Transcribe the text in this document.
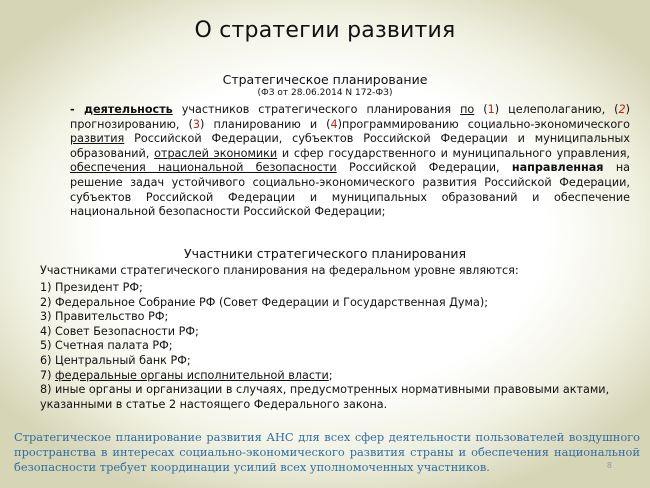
О стратегии развития
Стратегическое планирование
(ФЗ от 28.06.2014 N 172-ФЗ)
- деятельность участников стратегического планирования по (1) целеполаганию, (2) прогнозированию, (3) планированию и (4)программированию социально-экономического развития Российской Федерации, субъектов Российской Федерации и муниципальных образований, отраслей экономики и сфер государственного и муниципального управления, обеспечения национальной безопасности Российской Федерации, направленная на решение задач устойчивого социально-экономического развития Российской Федерации, субъектов Российской Федерации и муниципальных образований и обеспечение национальной безопасности Российской Федерации;
Участники стратегического планирования
Участниками стратегического планирования на федеральном уровне являются:
1) Президент РФ;
2) Федеральное Собрание РФ (Совет Федерации и Государственная Дума);
3) Правительство РФ;
4) Совет Безопасности РФ;
5) Счетная палата РФ;
6) Центральный банк РФ;
7) федеральные органы исполнительной власти;
8) иные органы и организации в случаях, предусмотренных нормативными правовыми актами, указанными в статье 2 настоящего Федерального закона.
Стратегическое планирование развития АНС для всех сфер деятельности пользователей воздушного пространства в интересах социально-экономического развития страны и обеспечения национальной безопасности требует координации усилий всех уполномоченных участников.	8
